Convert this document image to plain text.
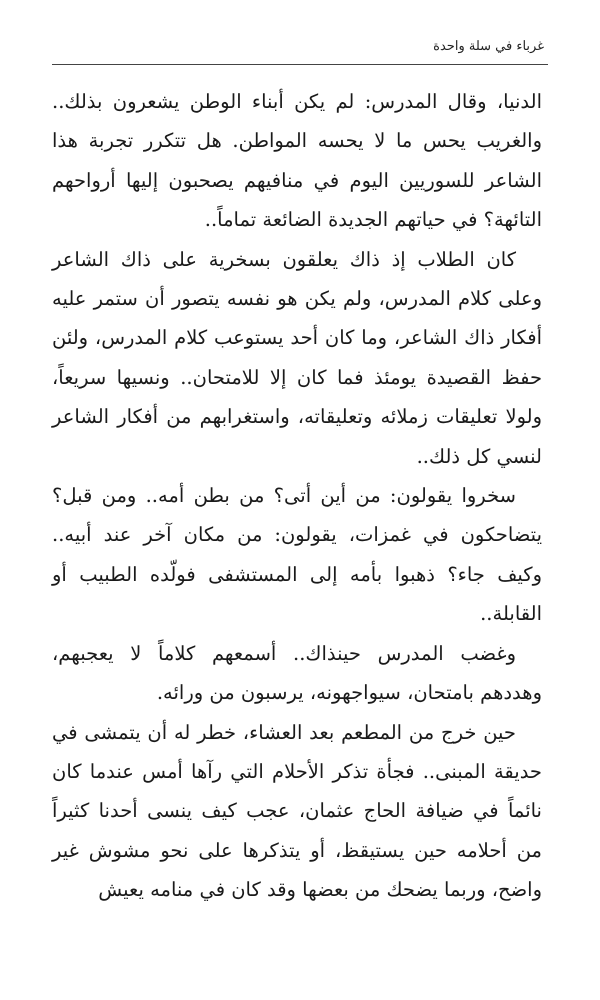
غرباء في سلة واحدة

الدنيا، وقال المدرس: لم يكن أبناء الوطن يشعرون بذلك.. والغريب يحس ما لا يحسه المواطن. هل تتكرر تجربة هذا الشاعر للسوريين اليوم في منافيهم يصحبون إليها أرواحهم التائهة؟ في حياتهم الجديدة الضائعة تماماً..

كان الطلاب إذ ذاك يعلقون بسخرية على ذاك الشاعر وعلى كلام المدرس، ولم يكن هو نفسه يتصور أن ستمر عليه أفكار ذاك الشاعر، وما كان أحد يستوعب كلام المدرس، ولئن حفظ القصيدة يومئذ فما كان إلا للامتحان.. ونسيها سريعاً، ولولا تعليقات زملائه وتعليقاته، واستغرابهم من أفكار الشاعر لنسي كل ذلك..

سخروا يقولون: من أين أتى؟ من بطن أمه.. ومن قبل؟ يتضاحكون في غمزات، يقولون: من مكان آخر عند أبيه.. وكيف جاء؟ ذهبوا بأمه إلى المستشفى فولّده الطبيب أو القابلة..

وغضب المدرس حينذاك.. أسمعهم كلاماً لا يعجبهم، وهددهم بامتحان، سيواجهونه، يرسبون من ورائه.

حين خرج من المطعم بعد العشاء، خطر له أن يتمشى في حديقة المبنى.. فجأة تذكر الأحلام التي رآها أمس عندما كان نائماً في ضيافة الحاج عثمان، عجب كيف ينسى أحدنا كثيراً من أحلامه حين يستيقظ، أو يتذكرها على نحو مشوش غير واضح، وربما يضحك من بعضها وقد كان في منامه يعيش
